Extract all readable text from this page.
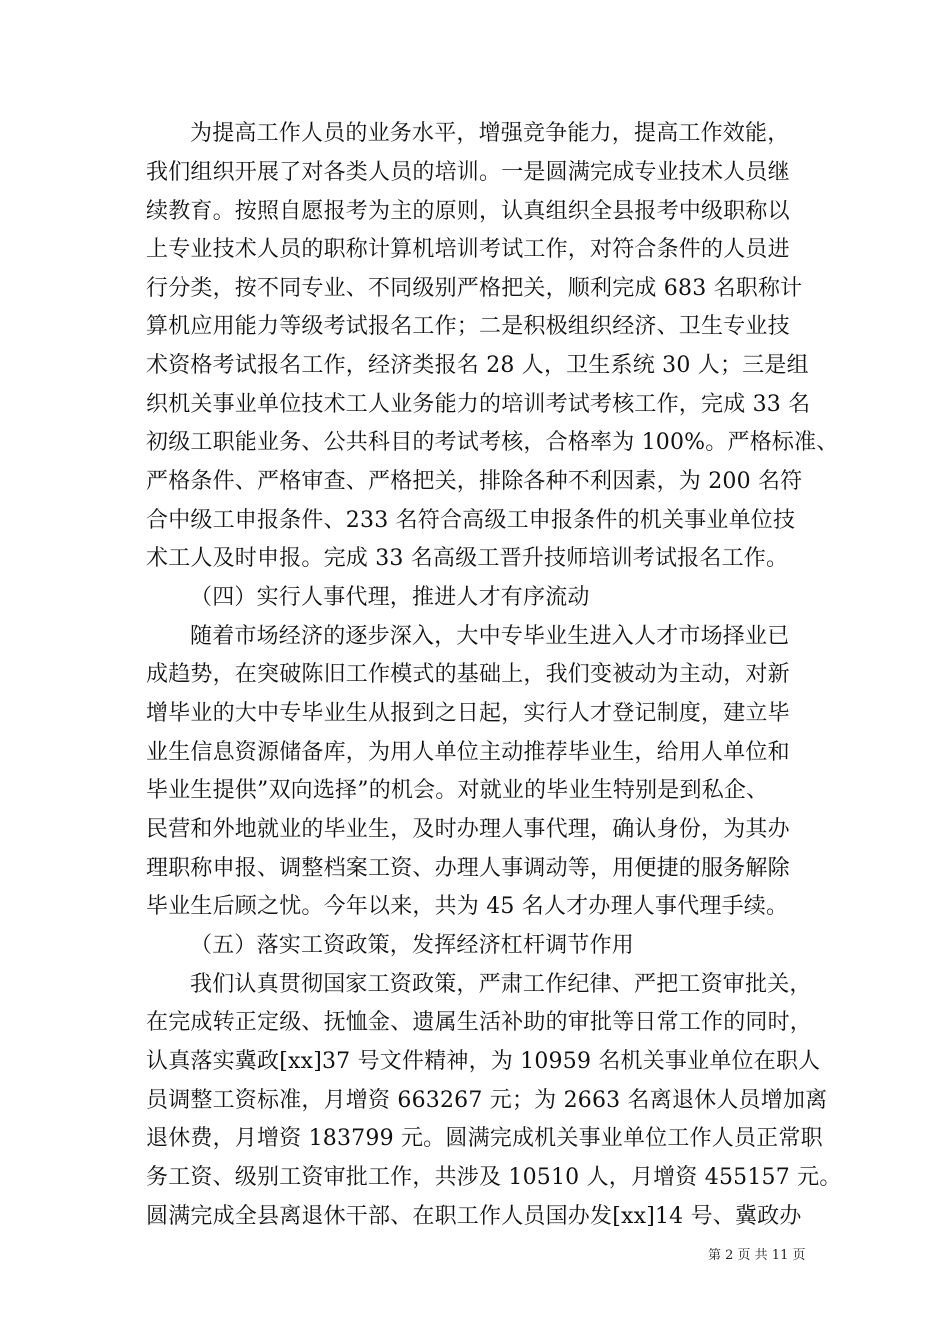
为提高工作人员的业务水平，增强竞争能力，提高工作效能，
我们组织开展了对各类人员的培训。一是圆满完成专业技术人员继
续教育。按照自愿报考为主的原则，认真组织全县报考中级职称以
上专业技术人员的职称计算机培训考试工作，对符合条件的人员进
行分类，按不同专业、不同级别严格把关，顺利完成 683 名职称计
算机应用能力等级考试报名工作；二是积极组织经济、卫生专业技
术资格考试报名工作，经济类报名 28 人，卫生系统 30 人；三是组
织机关事业单位技术工人业务能力的培训考试考核工作，完成 33 名
初级工职能业务、公共科目的考试考核，合格率为 100%。严格标准、
严格条件、严格审查、严格把关，排除各种不利因素，为 200 名符
合中级工申报条件、233 名符合高级工申报条件的机关事业单位技
术工人及时申报。完成 33 名高级工晋升技师培训考试报名工作。
（四）实行人事代理，推进人才有序流动
随着市场经济的逐步深入，大中专毕业生进入人才市场择业已
成趋势，在突破陈旧工作模式的基础上，我们变被动为主动，对新
增毕业的大中专毕业生从报到之日起，实行人才登记制度，建立毕
业生信息资源储备库，为用人单位主动推荐毕业生，给用人单位和
毕业生提供”双向选择”的机会。对就业的毕业生特别是到私企、
民营和外地就业的毕业生，及时办理人事代理，确认身份，为其办
理职称申报、调整档案工资、办理人事调动等，用便捷的服务解除
毕业生后顾之忧。今年以来，共为 45 名人才办理人事代理手续。
（五）落实工资政策，发挥经济杠杆调节作用
我们认真贯彻国家工资政策，严肃工作纪律、严把工资审批关，
在完成转正定级、抚恤金、遗属生活补助的审批等日常工作的同时，
认真落实冀政[xx]37 号文件精神，为 10959 名机关事业单位在职人
员调整工资标准，月增资 663267 元；为 2663 名离退休人员增加离
退休费，月增资 183799 元。圆满完成机关事业单位工作人员正常职
务工资、级别工资审批工作，共涉及 10510 人，月增资 455157 元。
圆满完成全县离退休干部、在职工作人员国办发[xx]14 号、冀政办
第 2 页 共 11 页
